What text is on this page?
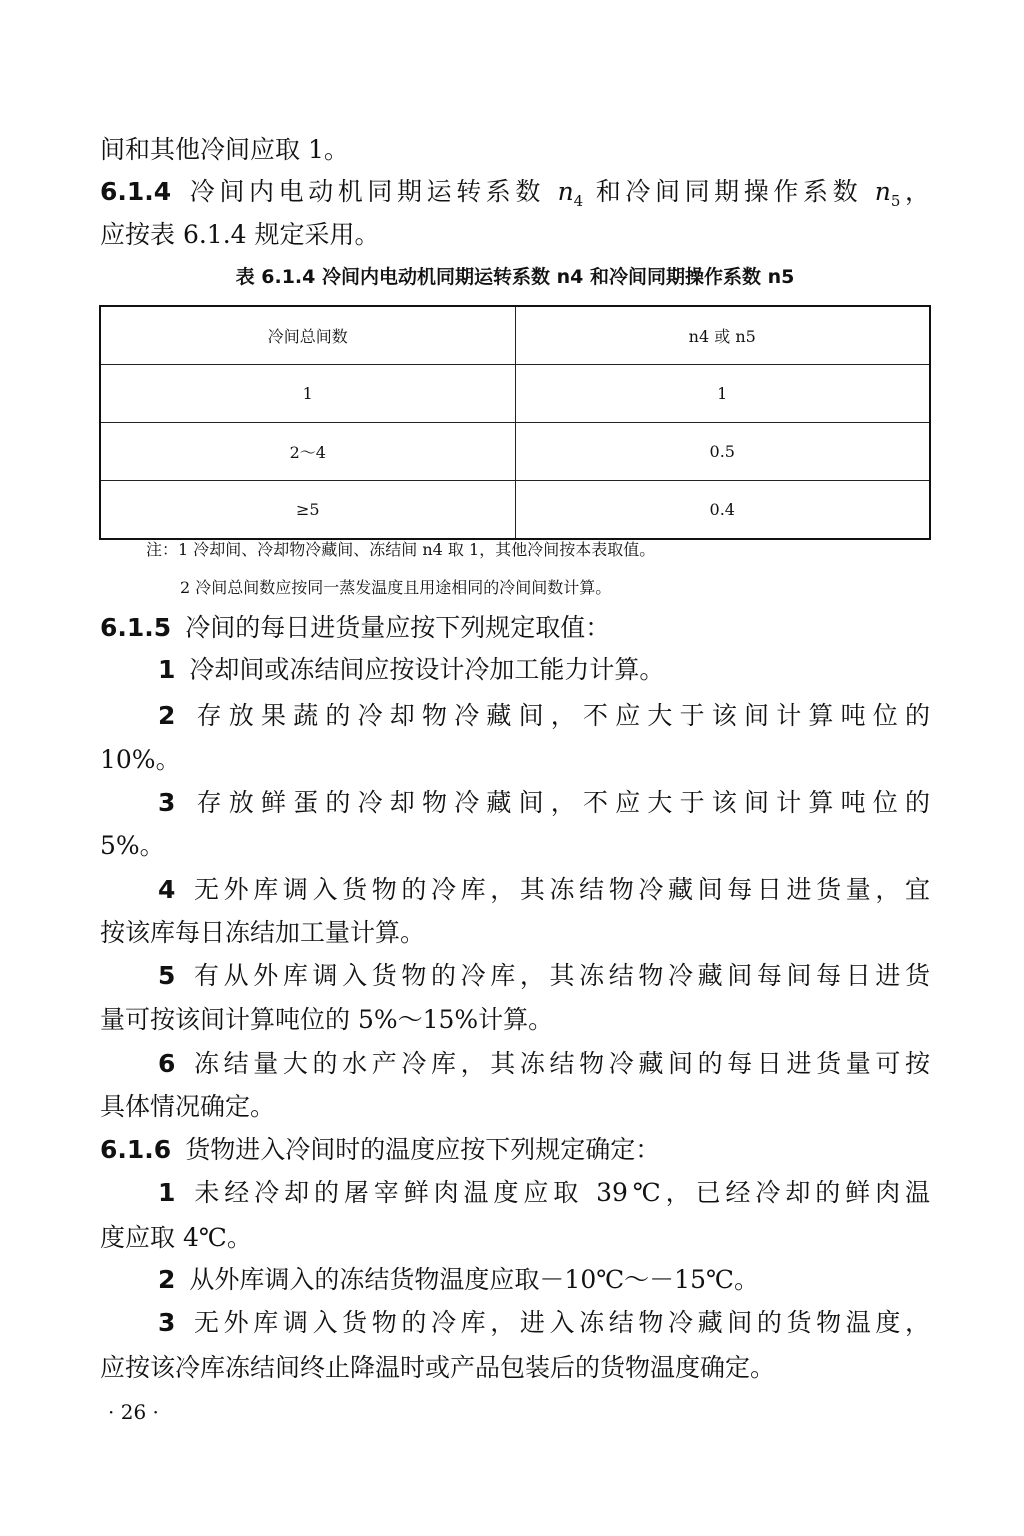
间和其他冷间应取 1。
6.1.4 冷间内电动机同期运转系数 $n_4$ 和冷间同期操作系数 $n_5$，
应按表 6.1.4 规定采用。
6.1.5 冷间的每日进货量应按下列规定取值：
1 冷却间或冻结间应按设计冷加工能力计算。
2 存放果蔬的冷却物冷藏间，不应大于该间计算吨位的
10%。
3 存放鲜蛋的冷却物冷藏间，不应大于该间计算吨位的
5%。
4 无外库调入货物的冷库，其冻结物冷藏间每日进货量，宜
按该库每日冻结加工量计算。
5 有从外库调入货物的冷库，其冻结物冷藏间每间每日进货
量可按该间计算吨位的 5%～15%计算。
6 冻结量大的水产冷库，其冻结物冷藏间的每日进货量可按
具体情况确定。
6.1.6 货物进入冷间时的温度应按下列规定确定：
1 未经冷却的屠宰鲜肉温度应取 39℃，已经冷却的鲜肉温
度应取 4℃。
2 从外库调入的冻结货物温度应取－10℃～－15℃。
3 无外库调入货物的冷库，进入冻结物冷藏间的货物温度，
应按该冷库冻结间终止降温时或产品包装后的货物温度确定。
表 6.1.4 冷间内电动机同期运转系数 n4 和冷间同期操作系数 n5
冷间总间数	n4 或 n5
1	1
2～4	0.5
≥5	0.4
注：1 冷却间、冷却物冷藏间、冻结间 n4 取 1，其他冷间按本表取值。
2 冷间总间数应按同一蒸发温度且用途相同的冷间间数计算。
· 26 ·
